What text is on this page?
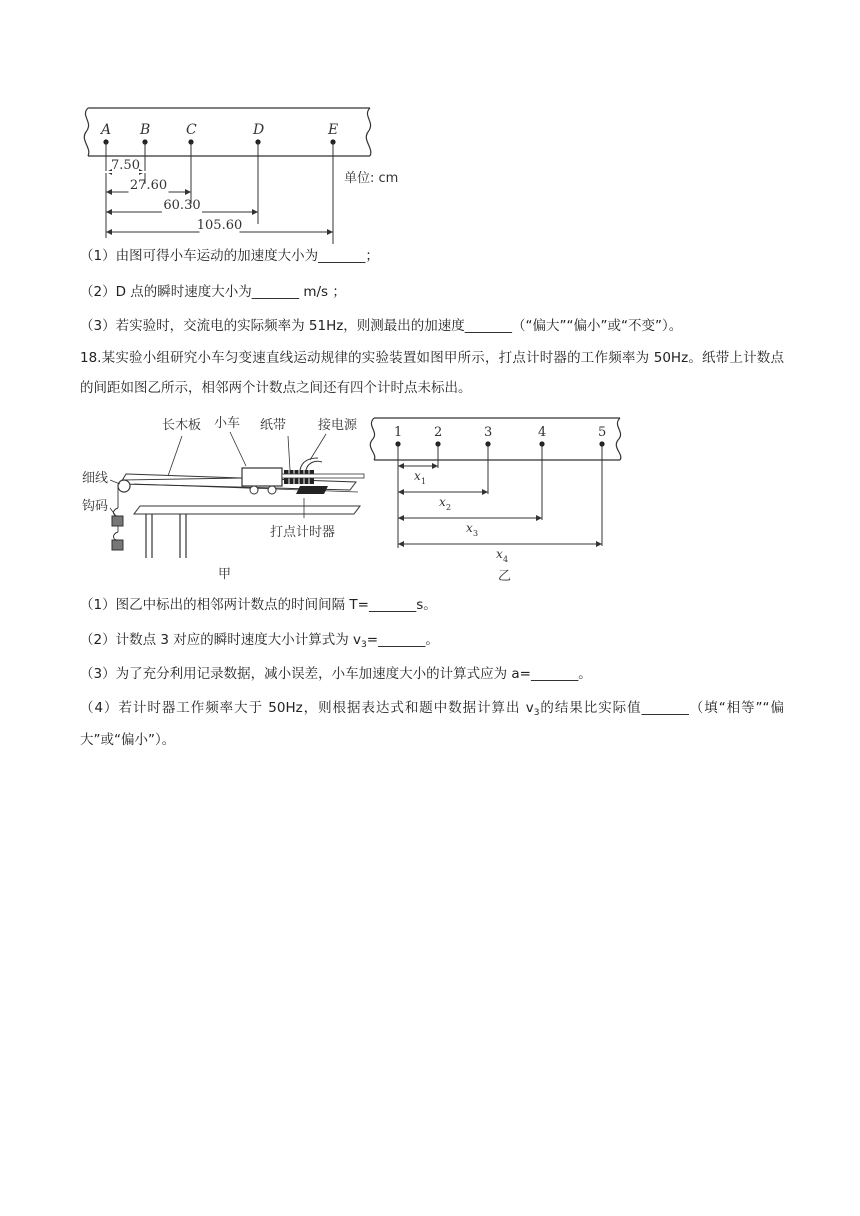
A B	C	D	E
7.50
27.60
60.30
105.60
单位: cm
（1）由图可得小车运动的加速度大小为_______；
（2）D 点的瞬时速度大小为_______ m/s ；
（3）若实验时，交流电的实际频率为 51Hz，则测最出的加速度_______（“偏大”“偏小”或“不变”）。
18.某实验小组研究小车匀变速直线运动规律的实验装置如图甲所示，打点计时器的工作频率为 50Hz。纸带上计数点的间距如图乙所示，相邻两个计数点之间还有四个计时点未标出。
长木板 小车 纸带 接电源
细线
钩码
打点计时器
甲
1 2	3	4	5
x 1
x 2
x 3
x 4
乙
（1）图乙中标出的相邻两计数点的时间间隔 T=_______s。
（2）计数点 3 对应的瞬时速度大小计算式为 $v_3=\_\_\_\_\_\_\_$。
（3）为了充分利用记录数据，减小误差，小车加速度大小的计算式应为 a=_______。
（4）若计时器工作频率大于 50Hz，则根据表达式和题中数据计算出 $v_3$的结果比实际值_______（填“相等”“偏大”或“偏小”）。
